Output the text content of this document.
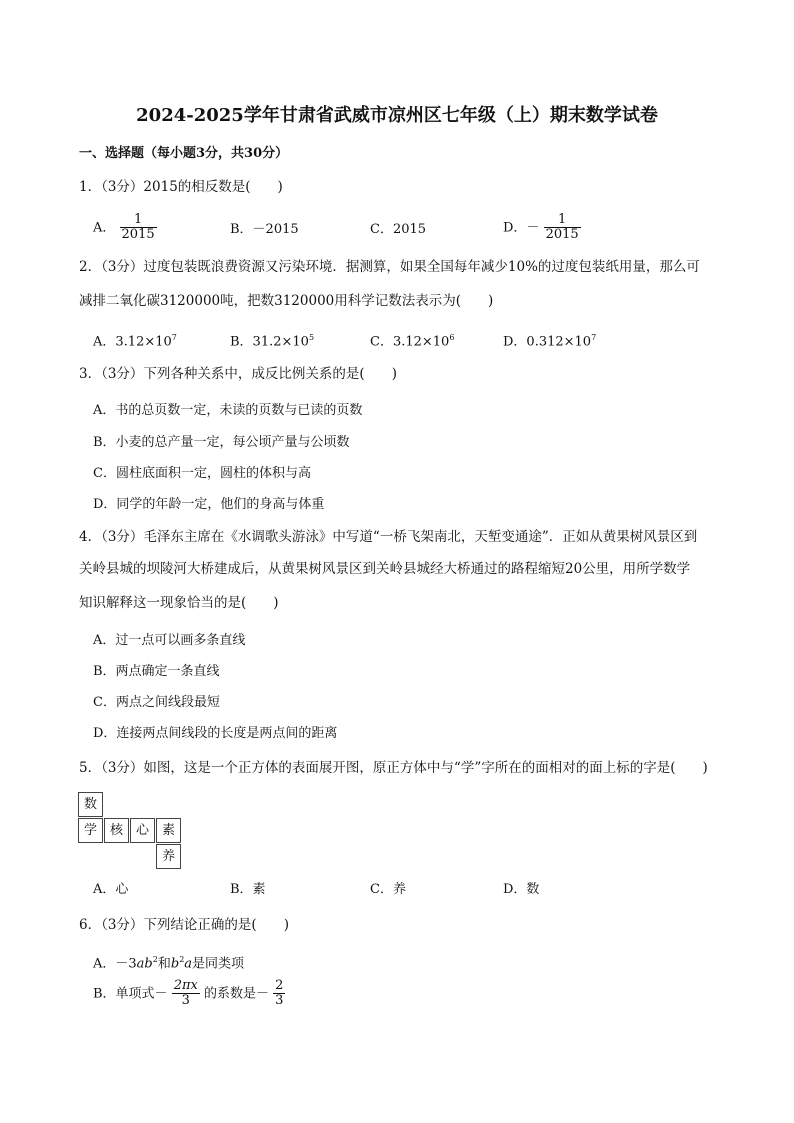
2024-2025学年甘肃省武威市凉州区七年级（上）期末数学试卷
一、选择题（每小题3分，共30分）
1．（3分）2015的相反数是(　　)
A． $\frac{1}{2015}$	B．－2015	C．2015	D．－ $\frac{1}{2015}$
2．（3分）过度包装既浪费资源又污染环境．据测算，如果全国每年减少10%的过度包装纸用量，那么可
减排二氧化碳3120000吨，把数3120000用科学记数法表示为(　　)
A．$3.12\times 10^7$	B．$31.2\times 10^5$	C．$3.12\times 10^6$	D．$0.312\times 10^7$
3．（3分）下列各种关系中，成反比例关系的是(　　)
A．书的总页数一定，未读的页数与已读的页数
B．小麦的总产量一定，每公顷产量与公顷数
C．圆柱底面积一定，圆柱的体积与高
D．同学的年龄一定，他们的身高与体重
4．（3分）毛泽东主席在《水调歌头游泳》中写道“一桥飞架南北，天堑变通途”．正如从黄果树风景区到
关岭县城的坝陵河大桥建成后，从黄果树风景区到关岭县城经大桥通过的路程缩短20公里，用所学数学
知识解释这一现象恰当的是(　　)
A．过一点可以画多条直线
B．两点确定一条直线
C．两点之间线段最短
D．连接两点间线段的长度是两点间的距离
5．（3分）如图，这是一个正方体的表面展开图，原正方体中与“学”字所在的面相对的面上标的字是(　　)
数
学 核 心 素
养
A．心	B．素	C．养	D．数
6．（3分）下列结论正确的是(　　)
A．$-3ab^2$和$b^2a$是同类项
B．单项式－ $\frac{2\pi x}{3}$ 的系数是－ $\frac{2}{3}$
